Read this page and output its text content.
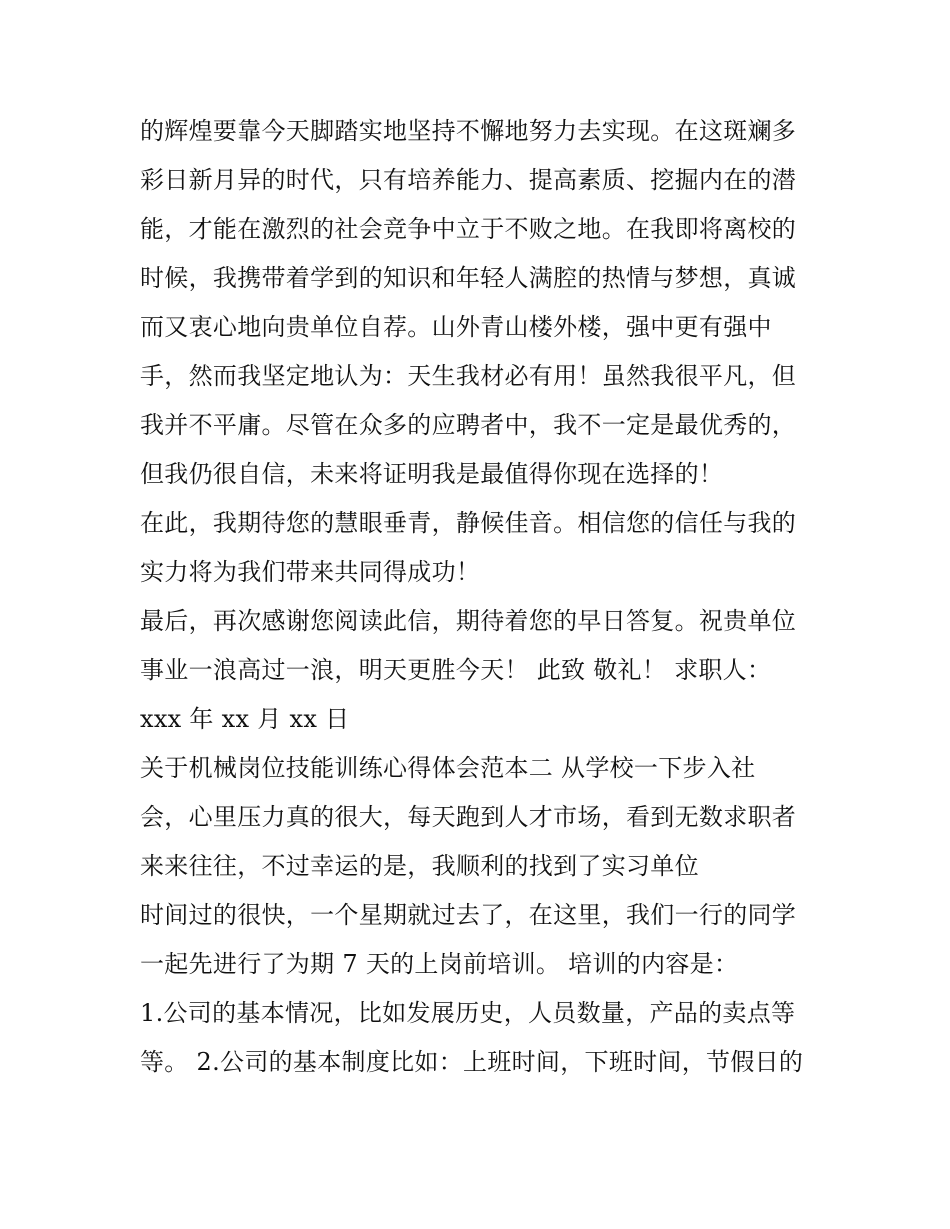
的辉煌要靠今天脚踏实地坚持不懈地努力去实现。在这斑斓多
彩日新月异的时代，只有培养能力、提高素质、挖掘内在的潜
能，才能在激烈的社会竞争中立于不败之地。在我即将离校的
时候，我携带着学到的知识和年轻人满腔的热情与梦想，真诚
而又衷心地向贵单位自荐。山外青山楼外楼，强中更有强中
手，然而我坚定地认为：天生我材必有用！虽然我很平凡，但
我并不平庸。尽管在众多的应聘者中，我不一定是最优秀的，
但我仍很自信，未来将证明我是最值得你现在选择的！
在此，我期待您的慧眼垂青，静候佳音。相信您的信任与我的
实力将为我们带来共同得成功！
最后，再次感谢您阅读此信，期待着您的早日答复。祝贵单位
事业一浪高过一浪，明天更胜今天！ 此致 敬礼！ 求职人：
xxx 年 xx 月 xx 日
关于机械岗位技能训练心得体会范本二 从学校一下步入社
会，心里压力真的很大，每天跑到人才市场，看到无数求职者
来来往往，不过幸运的是，我顺利的找到了实习单位
时间过的很快，一个星期就过去了，在这里，我们一行的同学
一起先进行了为期 7 天的上岗前培训。 培训的内容是：
1.公司的基本情况，比如发展历史，人员数量，产品的卖点等
等。 2.公司的基本制度比如：上班时间，下班时间，节假日的
